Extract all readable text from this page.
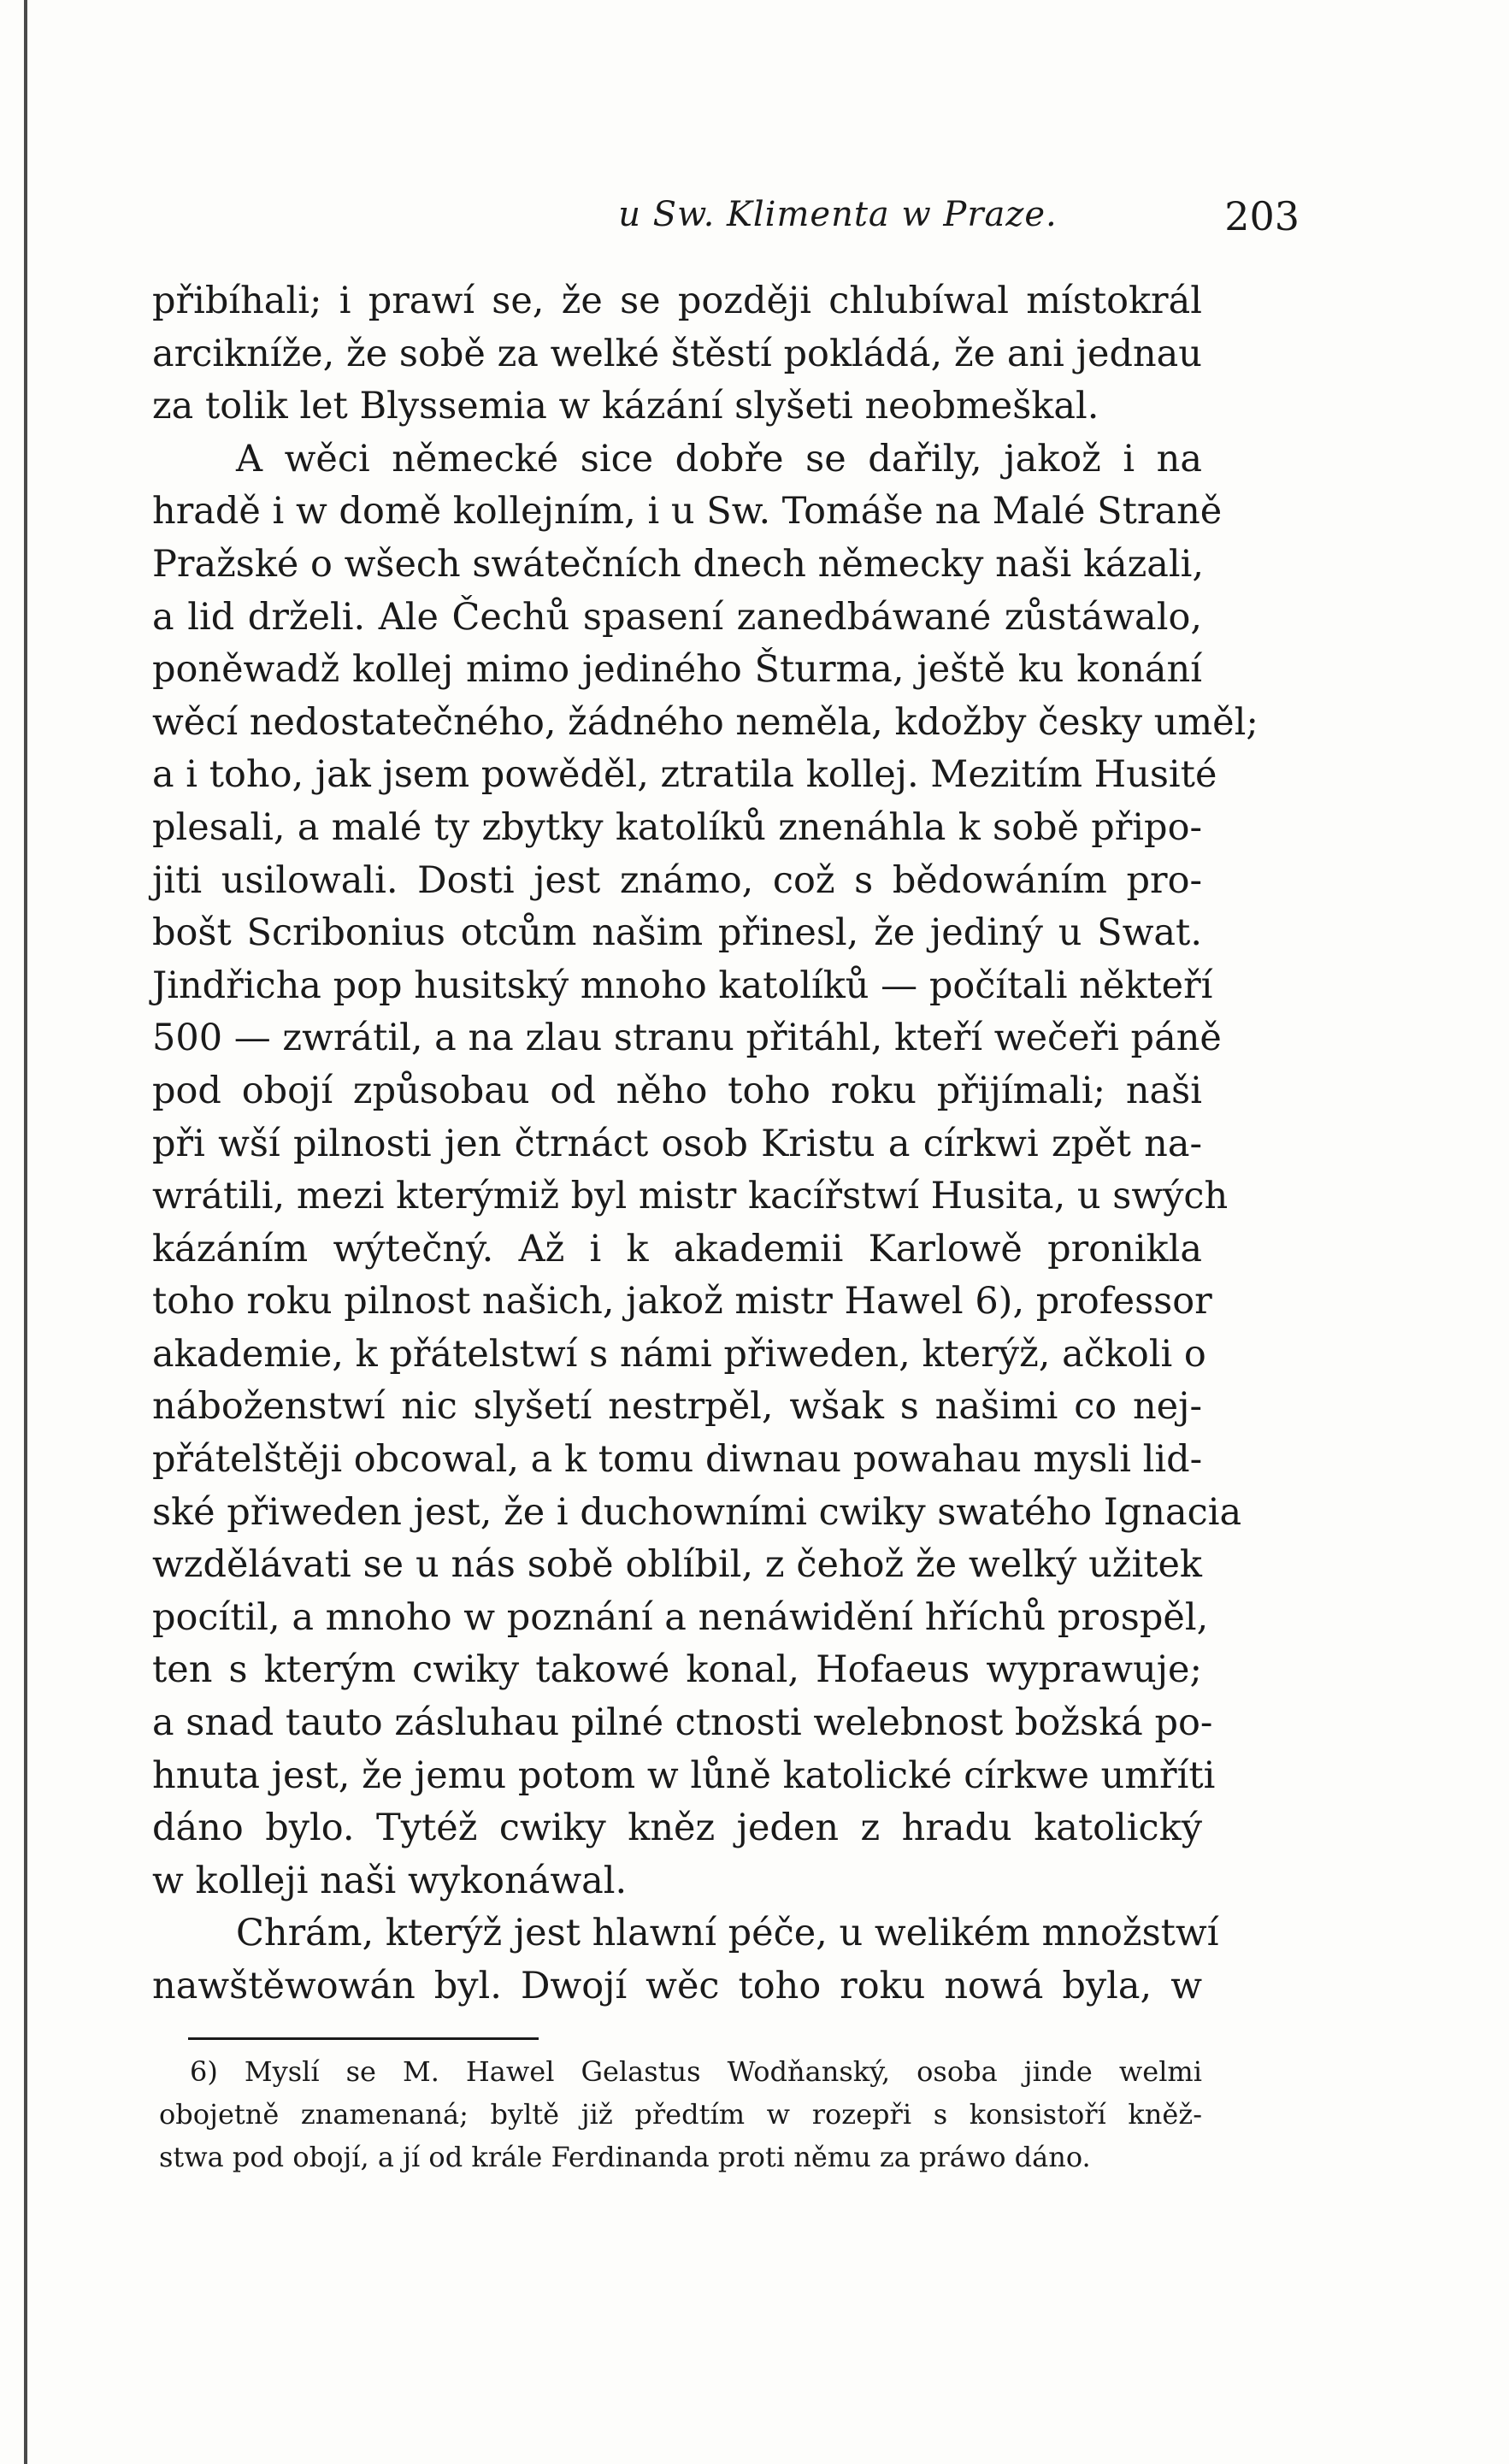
u Sw. Klimenta w Praze.	203
přibíhali; i prawí se, že se později chlubíwal místokrál
arcikníže, že sobě za welké štěstí pokládá, že ani jednau
za tolik let Blyssemia w kázání slyšeti neobmeškal.
A wěci německé sice dobře se dařily, jakož i na
hradě i w domě kollejním, i u Sw. Tomáše na Malé Straně
Pražské o wšech swátečních dnech německy naši kázali,
a lid drželi. Ale Čechů spasení zanedbáwané zůstáwalo,
poněwadž kollej mimo jediného Šturma, ještě ku konání
wěcí nedostatečného, žádného neměla, kdožby česky uměl;
a i toho, jak jsem powěděl, ztratila kollej. Mezitím Husité
plesali, a malé ty zbytky katolíků znenáhla k sobě připo-
jiti usilowali. Dosti jest známo, což s bědowáním pro-
bošt Scribonius otcům našim přinesl, že jediný u Swat.
Jindřicha pop husitský mnoho katolíků — počítali někteří
500 — zwrátil, a na zlau stranu přitáhl, kteří wečeři páně
pod obojí způsobau od něho toho roku přijímali; naši
při wší pilnosti jen čtrnáct osob Kristu a církwi zpět na-
wrátili, mezi kterýmiž byl mistr kacířstwí Husita, u swých
kázáním wýtečný. Až i k akademii Karlowě pronikla
toho roku pilnost našich, jakož mistr Hawel 6), professor
akademie, k přátelstwí s námi přiweden, kterýž, ačkoli o
náboženstwí nic slyšetí nestrpěl, wšak s našimi co nej-
přátelštěji obcowal, a k tomu diwnau powahau mysli lid-
ské přiweden jest, že i duchowními cwiky swatého Ignacia
wzdělávati se u nás sobě oblíbil, z čehož že welký užitek
pocítil, a mnoho w poznání a nenáwidění hříchů prospěl,
ten s kterým cwiky takowé konal, Hofaeus wyprawuje;
a snad tauto zásluhau pilné ctnosti welebnost božská po-
hnuta jest, že jemu potom w lůně katolické církwe umříti
dáno bylo. Tytéž cwiky kněz jeden z hradu katolický
w kolleji naši wykonáwal.
Chrám, kterýž jest hlawní péče, u welikém množstwí
nawštěwowán byl. Dwojí wěc toho roku nowá byla, w
6) Myslí se M. Hawel Gelastus Wodňanský, osoba jinde welmi
obojetně znamenaná; byltě již předtím w rozepři s konsistoří kněž-
stwa pod obojí, a jí od krále Ferdinanda proti němu za práwo dáno.
